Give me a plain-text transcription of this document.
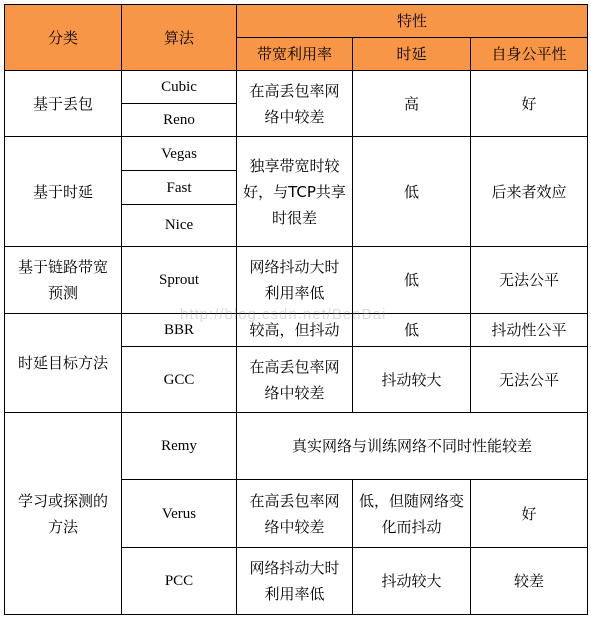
分类	算法	特性		
		带宽利用率	时延	自身公平性
基于丢包	Cubic	在高丢包率网络中较差	高	好
	Reno			
基于时延	Vegas	独享带宽时较好，与TCP共享时很差	低	后来者效应
	Fast			
	Nice			
基于链路带宽预测	Sprout	网络抖动大时利用率低	低	无法公平
时延目标方法	BBR	较高，但抖动	低	抖动性公平
	GCC	在高丢包率网络中较差	抖动较大	无法公平
学习或探测的方法	Remy	真实网络与训练网络不同时性能较差		
	Verus	在高丢包率网络中较差	低，但随网络变化而抖动	好
	PCC	网络抖动大时利用率低	抖动较大	较差
http://blog.csdn.net/BenBai
